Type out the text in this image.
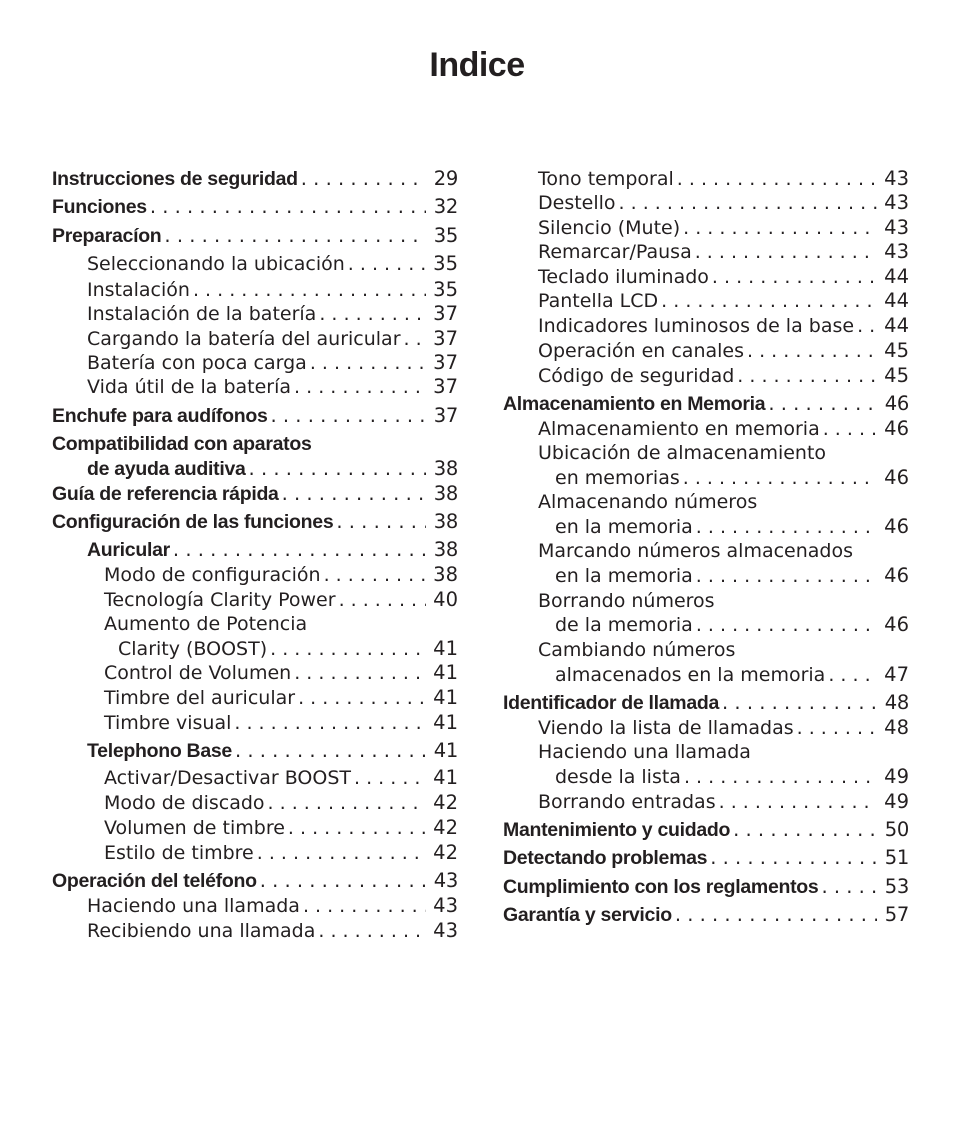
Indice
Instrucciones de seguridad . . .	29
Funciones . . .	32
Preparacíon . . .	35
Seleccionando la ubicación . . .	35
Instalación . . .	35
Instalación de la batería . . .	37
Cargando la batería del auricular . . . 37
Batería con poca carga . . .	37
Vida útil de la batería . . .	37
Enchufe para audífonos . . .	37
Compatibilidad con aparatos
de ayuda auditiva . . .	38
Guía de referencia rápida . . .	38
Configuración de las funciones . . .	38
Auricular . . .	38
Modo de configuración . . .	38
Tecnología Clarity Power . . .	40
Aumento de Potencia
Clarity (BOOST) . . .	41
Control de Volumen . . .	41
Timbre del auricular . . .	41
Timbre visual . . .	41
Telephono Base . . .	41
Activar/Desactivar BOOST . . .	41
Modo de discado . . .	42
Volumen de timbre . . .	42
Estilo de timbre . . .	42
Operación del teléfono . . .	43
Haciendo una llamada . . .	43
Recibiendo una llamada . . .	43
Tono temporal . . .	43
Destello . . .	43
Silencio (Mute) . . .	43
Remarcar/Pausa . . .	43
Teclado iluminado . . .	44
Pantella LCD . . .	44
Indicadores luminosos de la base . . . 44
Operación en canales . . .	45
Código de seguridad . . .	45
Almacenamiento en Memoria . . .	46
Almacenamiento en memoria . . .	46
Ubicación de almacenamiento
en memorias . . .	46
Almacenando números
en la memoria . . .	46
Marcando números almacenados
en la memoria . . .	46
Borrando números
de la memoria . . .	46
Cambiando números
almacenados en la memoria . . .	47
Identificador de llamada . . .	48
Viendo la lista de llamadas . . .	48
Haciendo una llamada
desde la lista . . .	49
Borrando entradas . . .	49
Mantenimiento y cuidado . . .	50
Detectando problemas . . .	51
Cumplimiento con los reglamentos . . .	53
Garantía y servicio . . .	57
